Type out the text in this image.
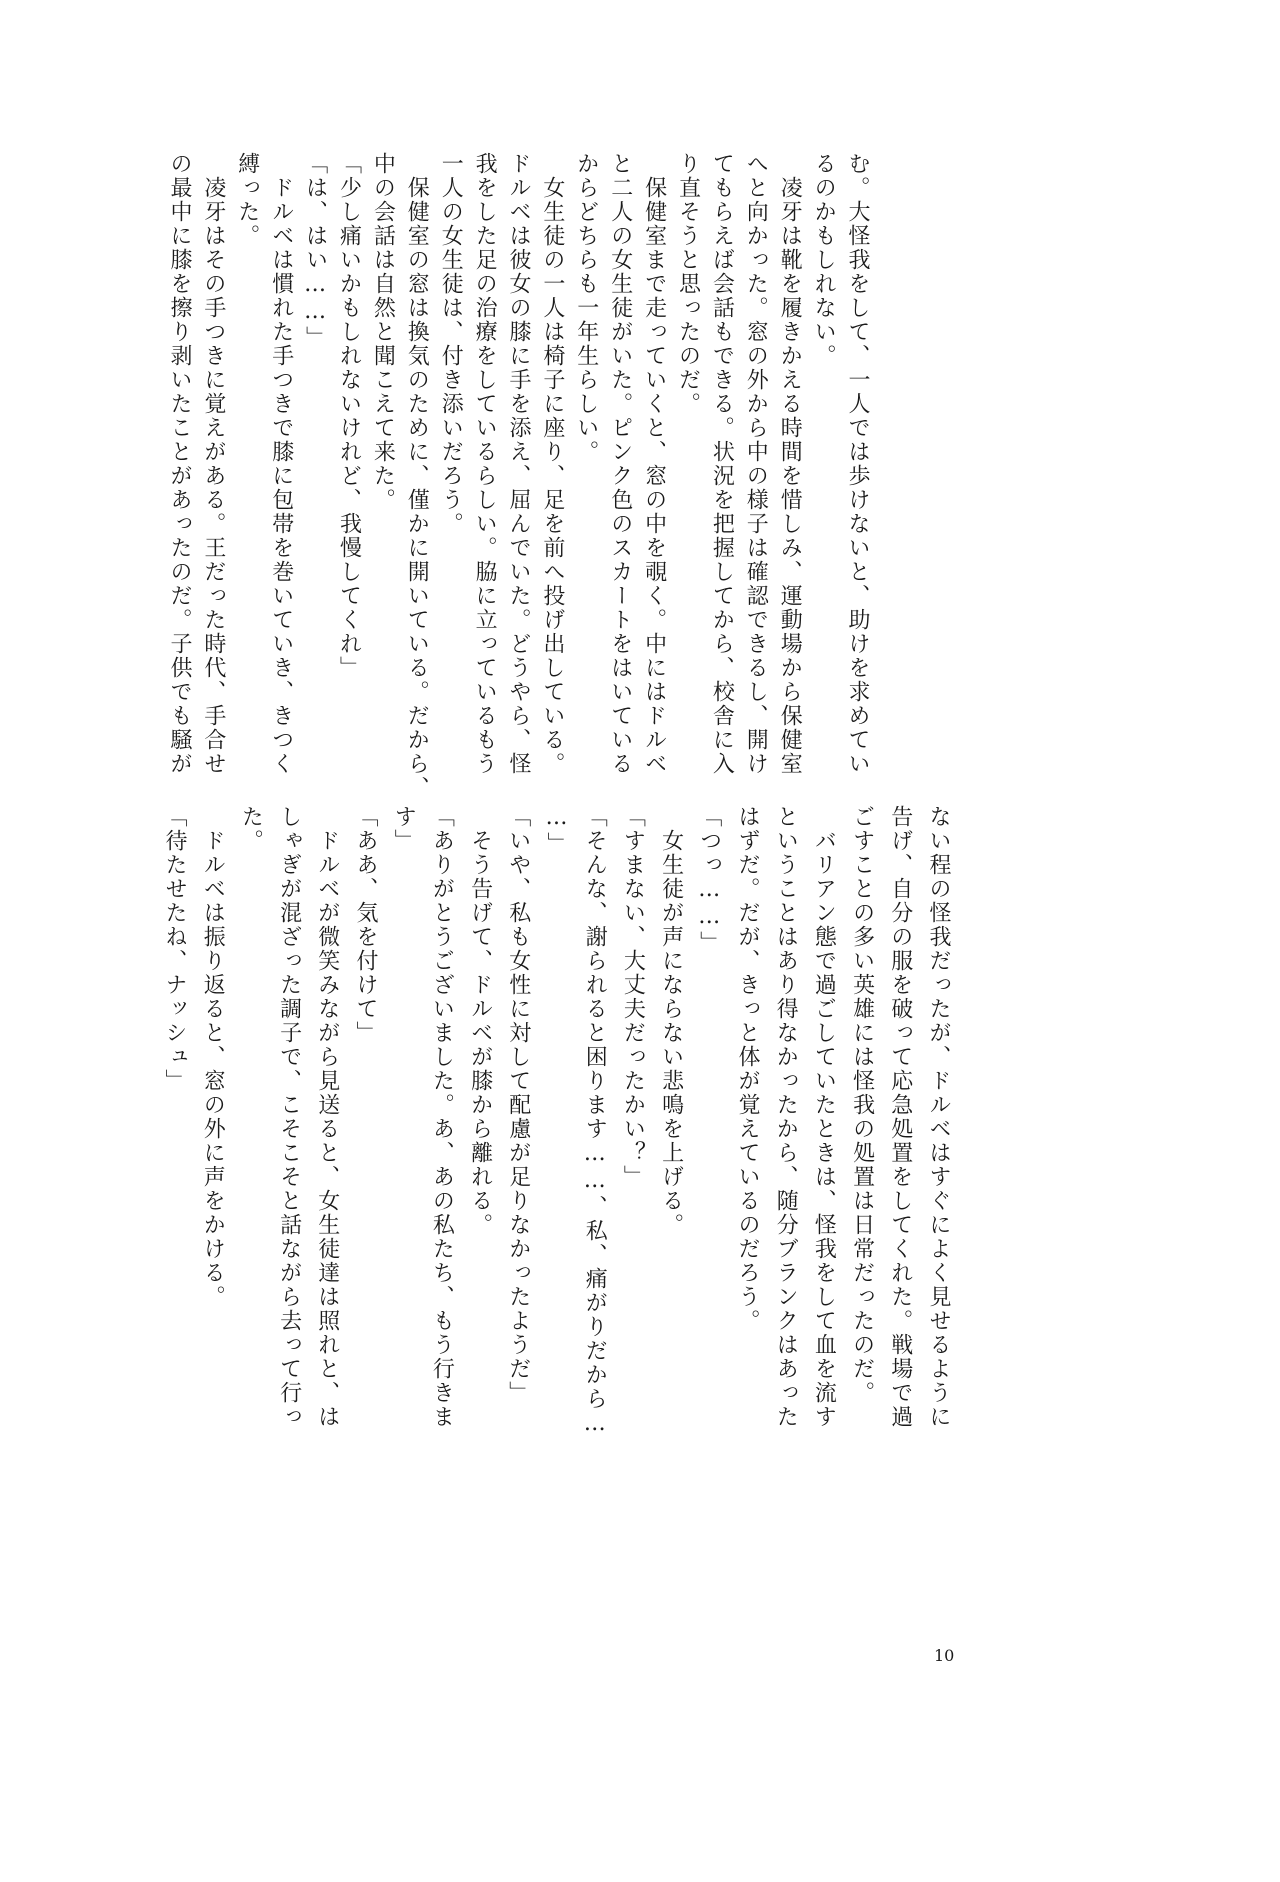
む。大怪我をして、一人では歩けないと、助けを求めてい
るのかもしれない。
　凌牙は靴を履きかえる時間を惜しみ、運動場から保健室
へと向かった。窓の外から中の様子は確認できるし、開け
てもらえば会話もできる。状況を把握してから、校舎に入
り直そうと思ったのだ。
　保健室まで走っていくと、窓の中を覗く。中にはドルベ
と二人の女生徒がいた。ピンク色のスカートをはいている
からどちらも一年生らしい。
　女生徒の一人は椅子に座り、足を前へ投げ出している。
ドルベは彼女の膝に手を添え、屈んでいた。どうやら、怪
我をした足の治療をしているらしい。脇に立っているもう
一人の女生徒は、付き添いだろう。
　保健室の窓は換気のために、僅かに開いている。だから、
中の会話は自然と聞こえて来た。
「少し痛いかもしれないけれど、我慢してくれ」
「は、はい……」
　ドルベは慣れた手つきで膝に包帯を巻いていき、きつく
縛った。
　凌牙はその手つきに覚えがある。王だった時代、手合せ
の最中に膝を擦り剥いたことがあったのだ。子供でも騒が
ない程の怪我だったが、ドルベはすぐによく見せるように
告げ、自分の服を破って応急処置をしてくれた。戦場で過
ごすことの多い英雄には怪我の処置は日常だったのだ。
　バリアン態で過ごしていたときは、怪我をして血を流す
ということはあり得なかったから、随分ブランクはあった
はずだ。だが、きっと体が覚えているのだろう。
「つっ……」
　女生徒が声にならない悲鳴を上げる。
「すまない、大丈夫だったかい？」
「そんな、謝られると困ります……、私、痛がりだから…
…」
「いや、私も女性に対して配慮が足りなかったようだ」
　そう告げて、ドルベが膝から離れる。
「ありがとうございました。あ、あの私たち、もう行きま
す」
「ああ、気を付けて」
　ドルベが微笑みながら見送ると、女生徒達は照れと、は
しゃぎが混ざった調子で、こそこそと話ながら去って行っ
た。
　ドルベは振り返ると、窓の外に声をかける。
「待たせたね、ナッシュ」
10
